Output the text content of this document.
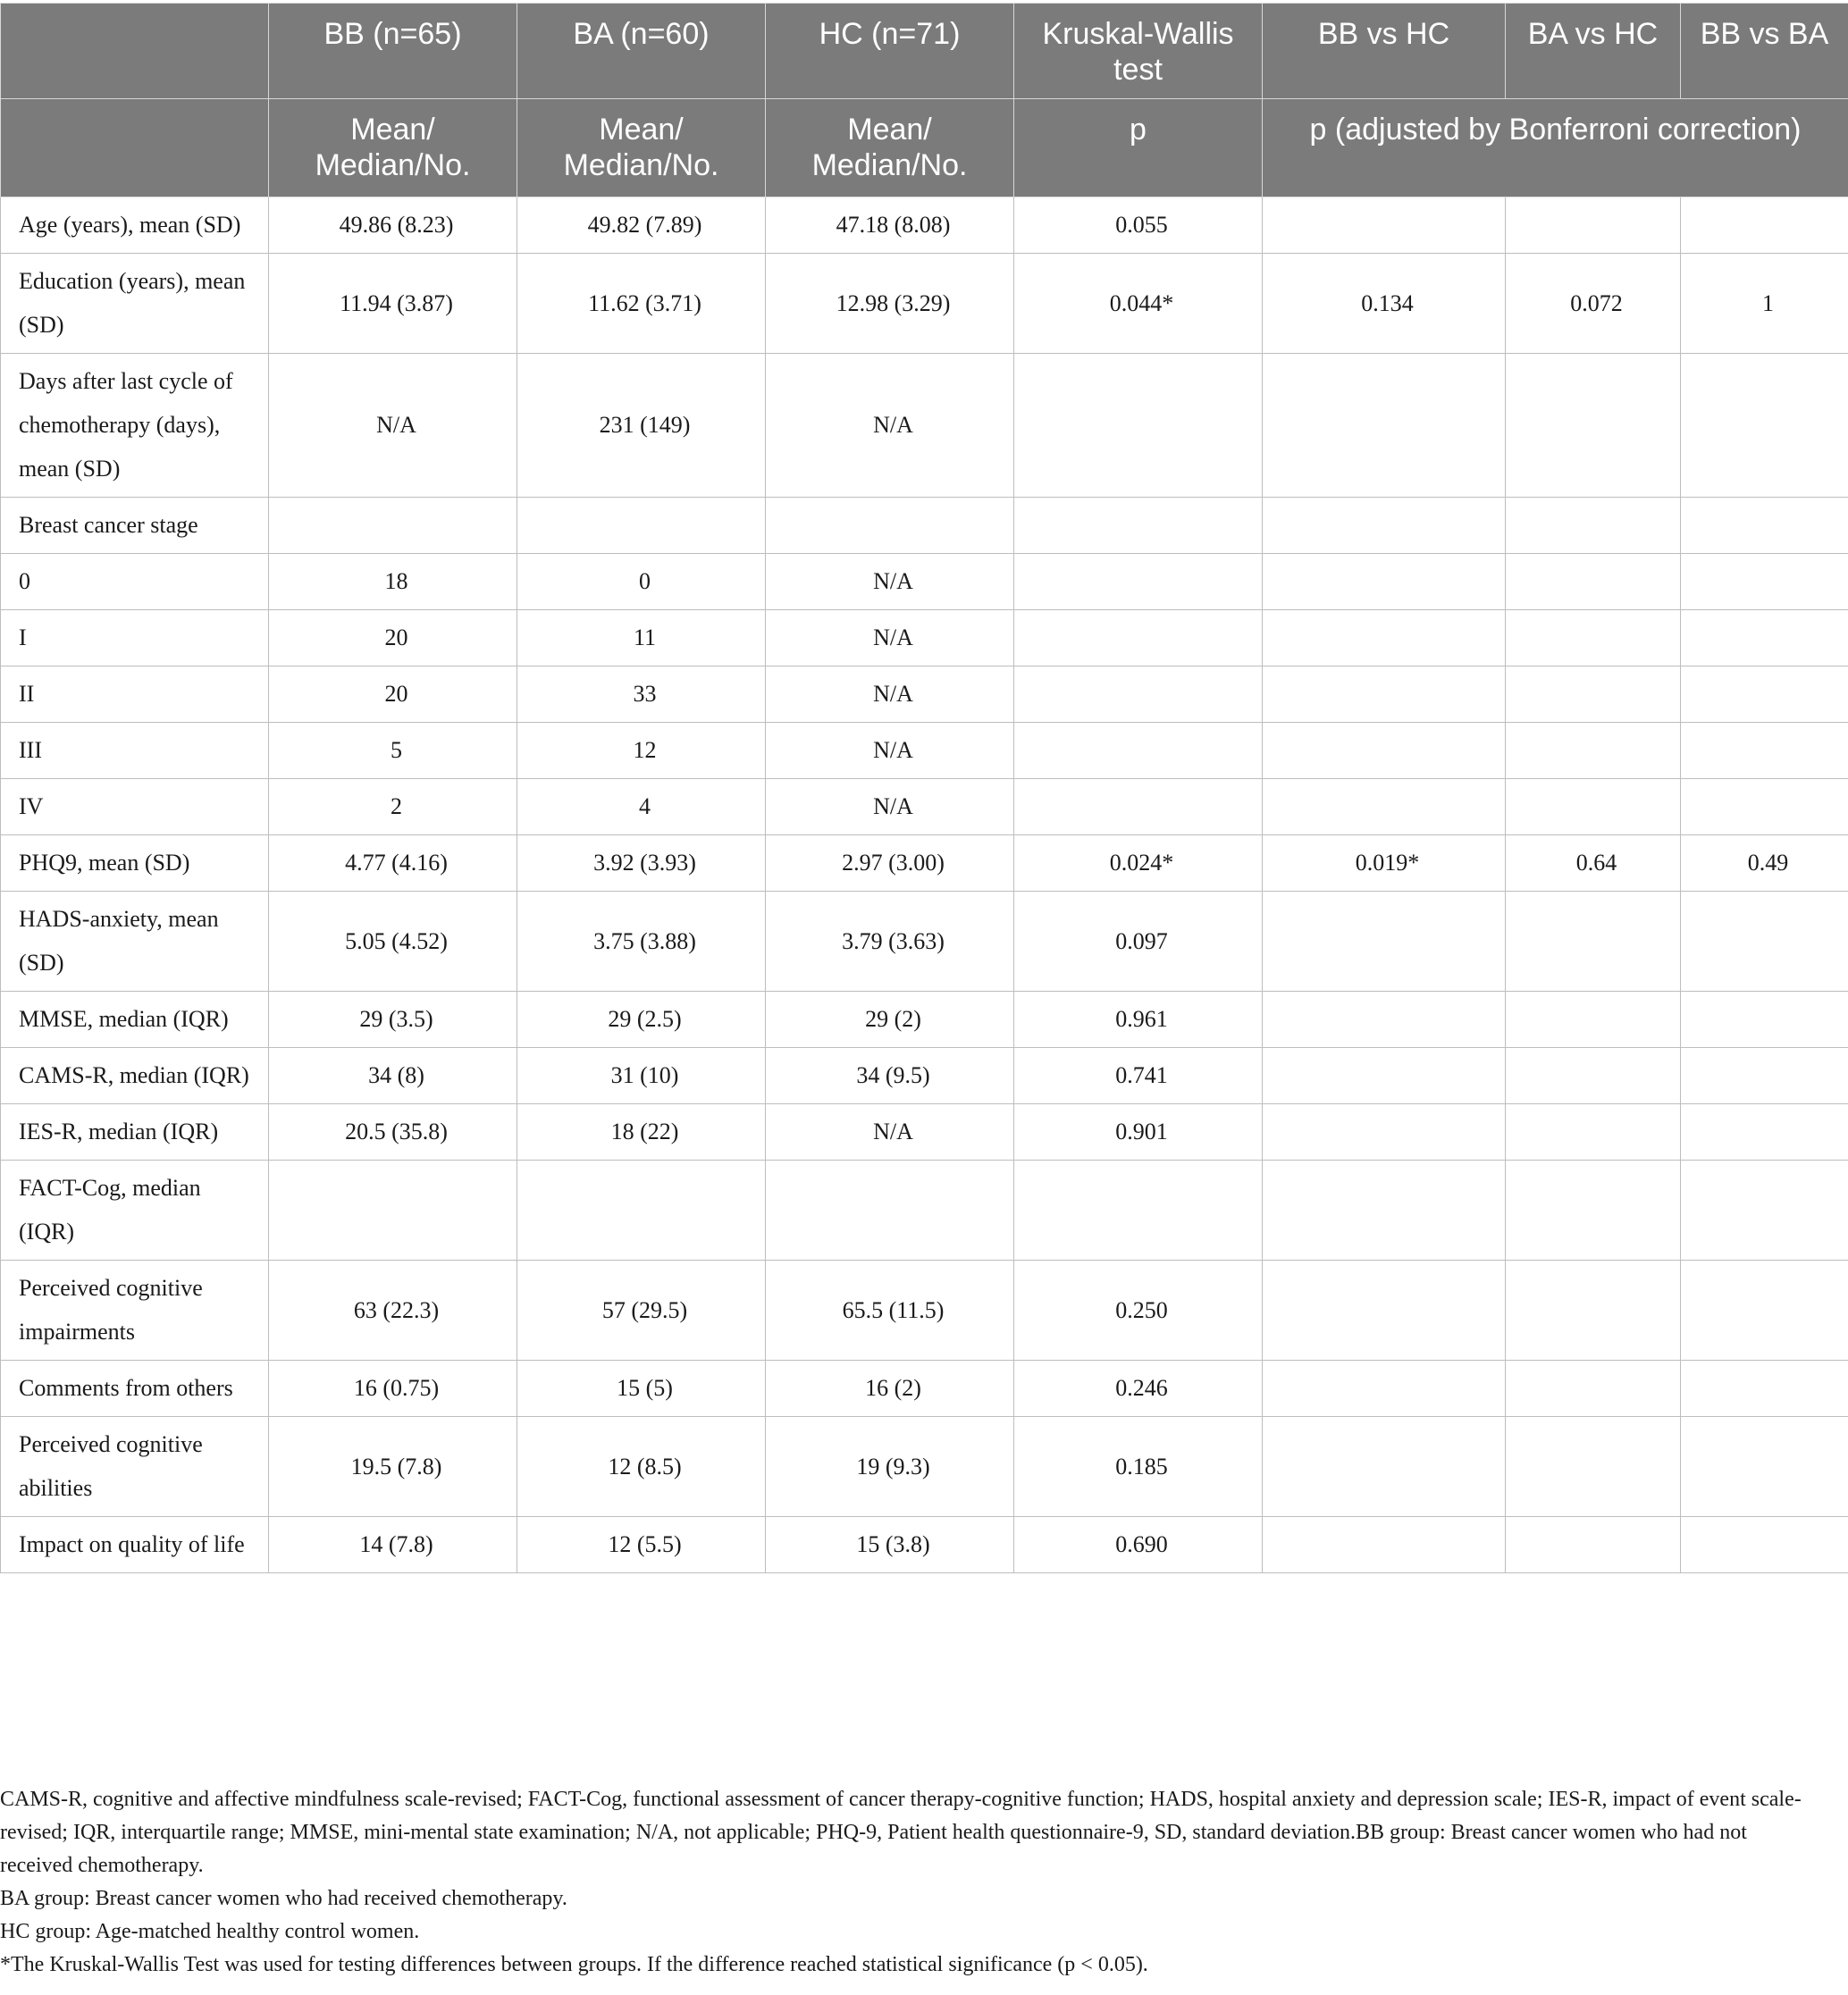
	BB (n=65)	BA (n=60)	HC (n=71)	Kruskal-Wallis test	BB vs HC	BA vs HC	BB vs BA
	Mean/ Median/No.	Mean/ Median/No.	Mean/ Median/No.	p	p (adjusted by Bonferroni correction)		
Age (years), mean (SD)	49.86 (8.23)	49.82 (7.89)	47.18 (8.08)	0.055			
Education (years), mean (SD)	11.94 (3.87)	11.62 (3.71)	12.98 (3.29)	0.044*	0.134	0.072	1
Days after last cycle of chemotherapy (days), mean (SD)	N/A	231 (149)	N/A				
Breast cancer stage							
0	18	0	N/A				
I	20	11	N/A				
II	20	33	N/A				
III	5	12	N/A				
IV	2	4	N/A				
PHQ9, mean (SD)	4.77 (4.16)	3.92 (3.93)	2.97 (3.00)	0.024*	0.019*	0.64	0.49
HADS-anxiety, mean (SD)	5.05 (4.52)	3.75 (3.88)	3.79 (3.63)	0.097			
MMSE, median (IQR)	29 (3.5)	29 (2.5)	29 (2)	0.961			
CAMS-R, median (IQR)	34 (8)	31 (10)	34 (9.5)	0.741			
IES-R, median (IQR)	20.5 (35.8)	18 (22)	N/A	0.901			
FACT-Cog, median (IQR)							
Perceived cognitive impairments	63 (22.3)	57 (29.5)	65.5 (11.5)	0.250			
Comments from others	16 (0.75)	15 (5)	16 (2)	0.246			
Perceived cognitive abilities	19.5 (7.8)	12 (8.5)	19 (9.3)	0.185			
Impact on quality of life	14 (7.8)	12 (5.5)	15 (3.8)	0.690			

CAMS-R, cognitive and affective mindfulness scale-revised; FACT-Cog, functional assessment of cancer therapy-cognitive function; HADS, hospital anxiety and depression scale; IES-R, impact of event scale-revised; IQR, interquartile range; MMSE, mini-mental state examination; N/A, not applicable; PHQ-9, Patient health questionnaire-9, SD, standard deviation.BB group: Breast cancer women who had not received chemotherapy.

BA group: Breast cancer women who had received chemotherapy.

HC group: Age-matched healthy control women.

*The Kruskal-Wallis Test was used for testing differences between groups. If the difference reached statistical significance (p < 0.05).
